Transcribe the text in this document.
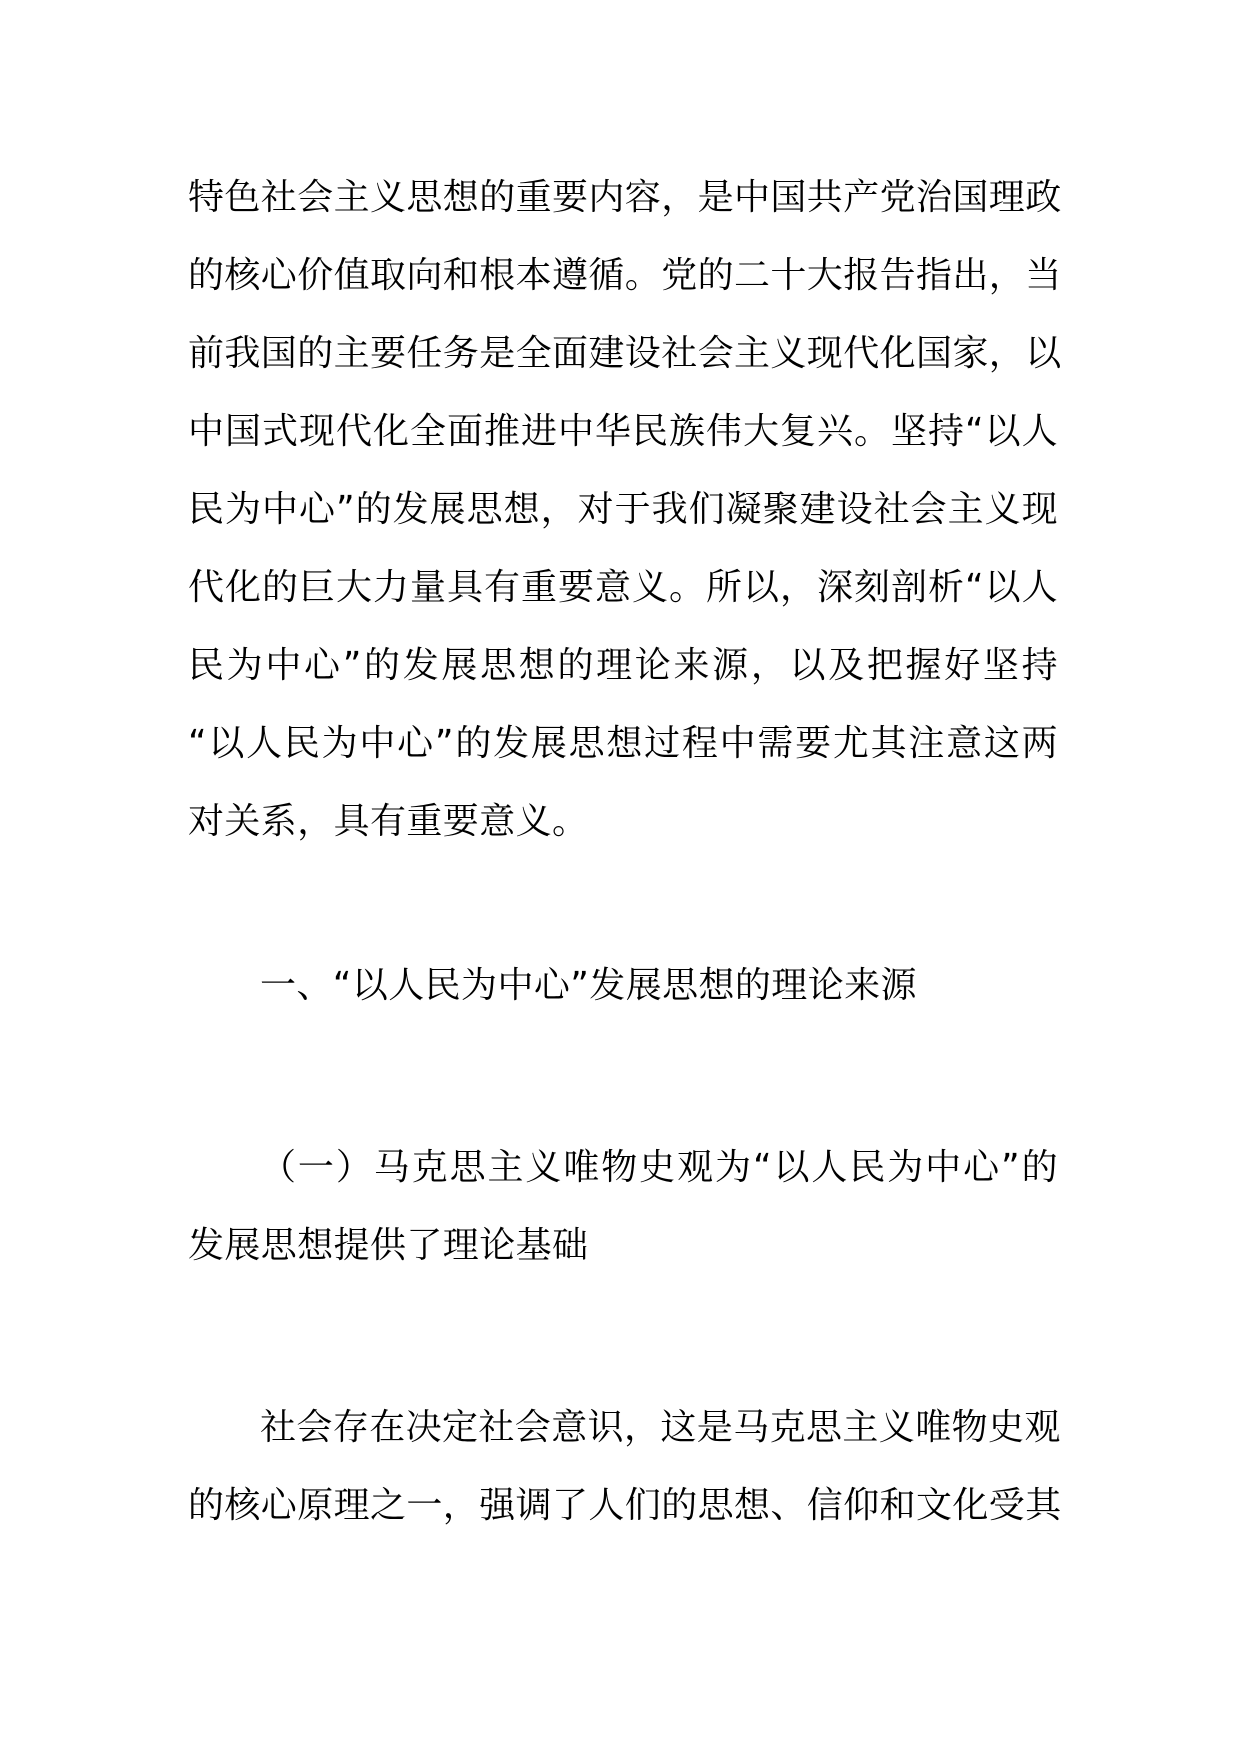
特色社会主义思想的重要内容，是中国共产党治国理政
的核心价值取向和根本遵循。党的二十大报告指出，当
前我国的主要任务是全面建设社会主义现代化国家，以
中国式现代化全面推进中华民族伟大复兴。坚持“以人
民为中心”的发展思想，对于我们凝聚建设社会主义现
代化的巨大力量具有重要意义。所以，深刻剖析“以人
民为中心”的发展思想的理论来源，以及把握好坚持
“以人民为中心”的发展思想过程中需要尤其注意这两
对关系，具有重要意义。
一、“以人民为中心”发展思想的理论来源
（一）马克思主义唯物史观为“以人民为中心”的
发展思想提供了理论基础
社会存在决定社会意识，这是马克思主义唯物史观
的核心原理之一，强调了人们的思想、信仰和文化受其
